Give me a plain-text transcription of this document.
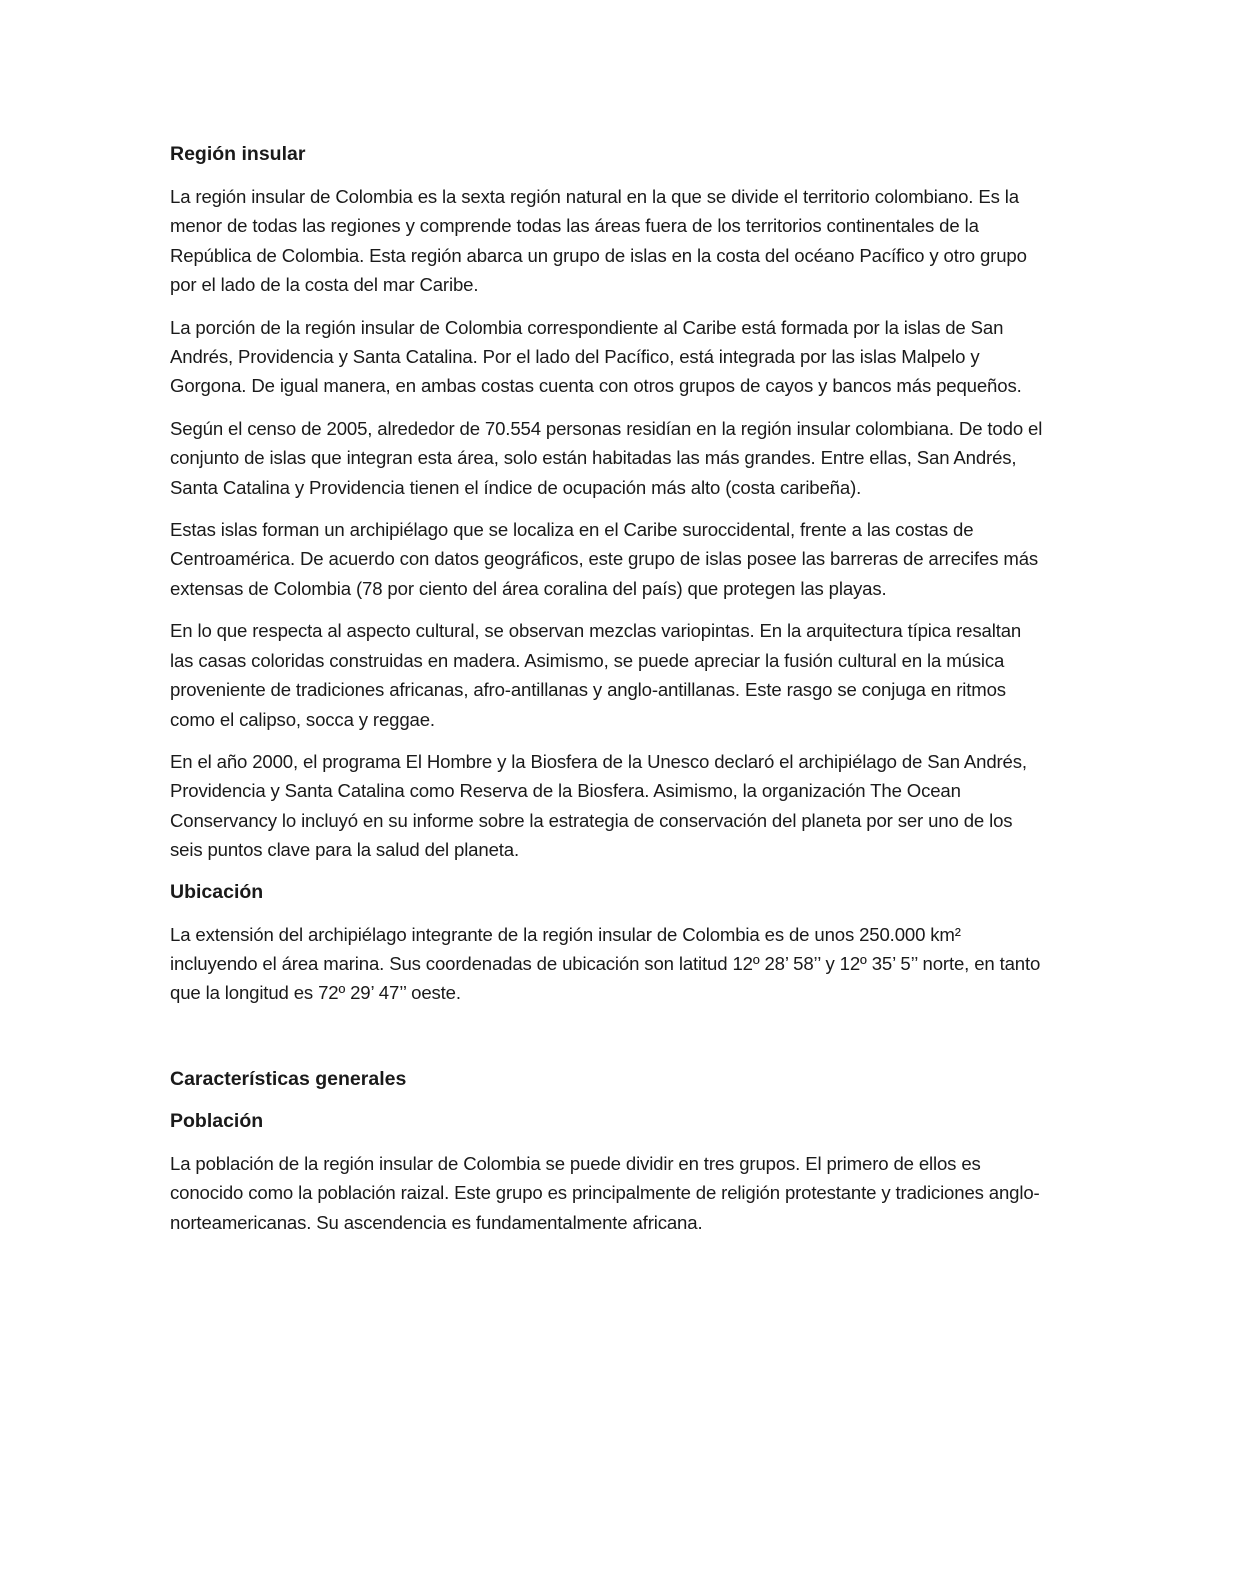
Región insular

La región insular de Colombia es la sexta región natural en la que se divide el territorio colombiano. Es la menor de todas las regiones y comprende todas las áreas fuera de los territorios continentales de la República de Colombia. Esta región abarca un grupo de islas en la costa del océano Pacífico y otro grupo por el lado de la costa del mar Caribe.

La porción de la región insular de Colombia correspondiente al Caribe está formada por la islas de San Andrés, Providencia y Santa Catalina. Por el lado del Pacífico, está integrada por las islas Malpelo y Gorgona. De igual manera, en ambas costas cuenta con otros grupos de cayos y bancos más pequeños.

Según el censo de 2005, alrededor de 70.554 personas residían en la región insular colombiana. De todo el conjunto de islas que integran esta área, solo están habitadas las más grandes. Entre ellas, San Andrés, Santa Catalina y Providencia tienen el índice de ocupación más alto (costa caribeña).

Estas islas forman un archipiélago que se localiza en el Caribe suroccidental, frente a las costas de Centroamérica. De acuerdo con datos geográficos, este grupo de islas posee las barreras de arrecifes más extensas de Colombia (78 por ciento del área coralina del país) que protegen las playas.

En lo que respecta al aspecto cultural, se observan mezclas variopintas. En la arquitectura típica resaltan las casas coloridas construidas en madera. Asimismo, se puede apreciar la fusión cultural en la música proveniente de tradiciones africanas, afro-antillanas y anglo-antillanas. Este rasgo se conjuga en ritmos como el calipso, socca y reggae.

En el año 2000, el programa El Hombre y la Biosfera de la Unesco declaró el archipiélago de San Andrés, Providencia y Santa Catalina como Reserva de la Biosfera. Asimismo, la organización The Ocean Conservancy lo incluyó en su informe sobre la estrategia de conservación del planeta por ser uno de los seis puntos clave para la salud del planeta.

Ubicación

La extensión del archipiélago integrante de la región insular de Colombia es de unos 250.000 km² incluyendo el área marina. Sus coordenadas de ubicación son latitud 12º 28’ 58’’ y 12º 35’ 5’’ norte, en tanto que la longitud es 72º 29’ 47’’ oeste.

Características generales
Población

La población de la región insular de Colombia se puede dividir en tres grupos. El primero de ellos es conocido como la población raizal. Este grupo es principalmente de religión protestante y tradiciones anglo-norteamericanas. Su ascendencia es fundamentalmente africana.
